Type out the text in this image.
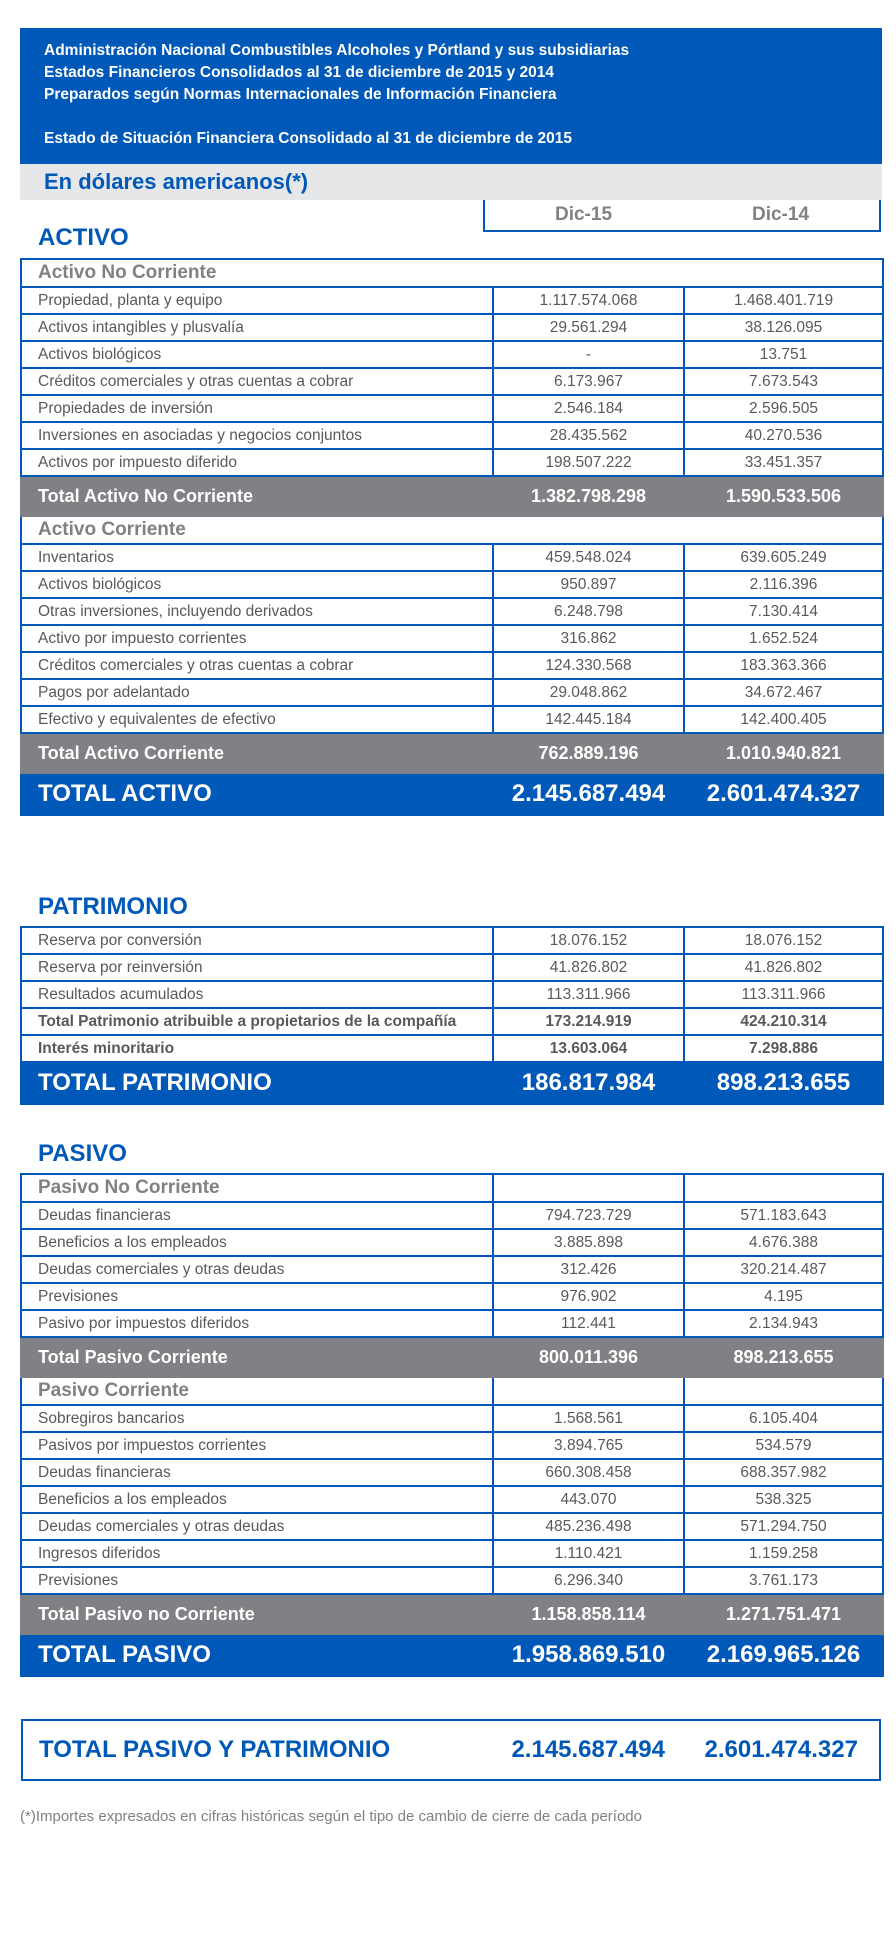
Administración Nacional Combustibles Alcoholes y Pórtland y sus subsidiarias
Estados Financieros Consolidados al 31 de diciembre de 2015 y 2014
Preparados según Normas Internacionales de Información Financiera
Estado de Situación Financiera Consolidado al 31 de diciembre de 2015
En dólares americanos(*)
Dic-15	Dic-14
ACTIVO
Activo No Corriente		
Propiedad, planta y equipo	1.117.574.068	1.468.401.719
Activos intangibles y plusvalía	29.561.294	38.126.095
Activos biológicos	-	13.751
Créditos comerciales y otras cuentas a cobrar	6.173.967	7.673.543
Propiedades de inversión	2.546.184	2.596.505
Inversiones en asociadas y negocios conjuntos	28.435.562	40.270.536
Activos por impuesto diferido	198.507.222	33.451.357
Total Activo No Corriente	1.382.798.298	1.590.533.506
Activo Corriente		
Inventarios	459.548.024	639.605.249
Activos biológicos	950.897	2.116.396
Otras inversiones, incluyendo derivados	6.248.798	7.130.414
Activo por impuesto corrientes	316.862	1.652.524
Créditos comerciales y otras cuentas a cobrar	124.330.568	183.363.366
Pagos por adelantado	29.048.862	34.672.467
Efectivo y equivalentes de efectivo	142.445.184	142.400.405
Total Activo Corriente	762.889.196	1.010.940.821
TOTAL ACTIVO	2.145.687.494	2.601.474.327
PATRIMONIO
Reserva por conversión	18.076.152	18.076.152
Reserva por reinversión	41.826.802	41.826.802
Resultados acumulados	113.311.966	113.311.966
Total Patrimonio atribuible a propietarios de la compañía	173.214.919	424.210.314
Interés minoritario	13.603.064	7.298.886
TOTAL PATRIMONIO	186.817.984	898.213.655
PASIVO
Pasivo No Corriente		
Deudas financieras	794.723.729	571.183.643
Beneficios a los empleados	3.885.898	4.676.388
Deudas comerciales y otras deudas	312.426	320.214.487
Previsiones	976.902	4.195
Pasivo por impuestos diferidos	112.441	2.134.943
Total Pasivo Corriente	800.011.396	898.213.655
Pasivo Corriente		
Sobregiros bancarios	1.568.561	6.105.404
Pasivos por impuestos corrientes	3.894.765	534.579
Deudas financieras	660.308.458	688.357.982
Beneficios a los empleados	443.070	538.325
Deudas comerciales y otras deudas	485.236.498	571.294.750
Ingresos diferidos	1.110.421	1.159.258
Previsiones	6.296.340	3.761.173
Total Pasivo no Corriente	1.158.858.114	1.271.751.471
TOTAL PASIVO	1.958.869.510	2.169.965.126
TOTAL PASIVO Y PATRIMONIO	2.145.687.494	2.601.474.327
(*)Importes expresados en cifras históricas según el tipo de cambio de cierre de cada período
